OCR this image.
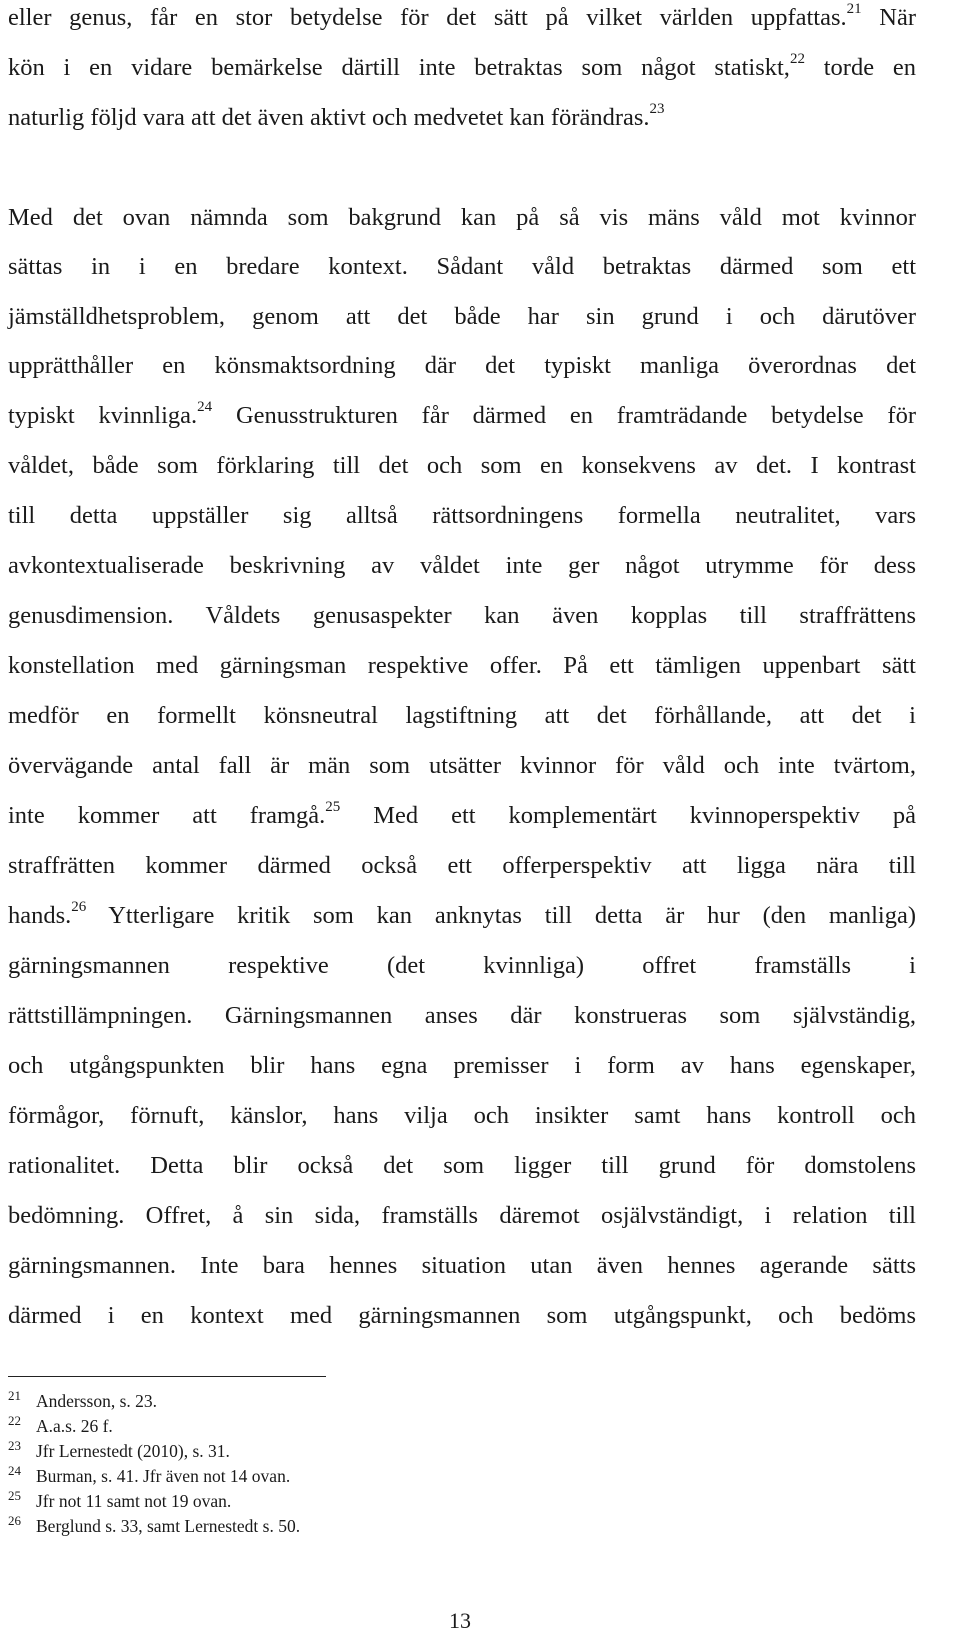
eller genus, får en stor betydelse för det sätt på vilket världen uppfattas.$^{21}$ När
kön i en vidare bemärkelse därtill inte betraktas som något statiskt,$^{22}$ torde en
naturlig följd vara att det även aktivt och medvetet kan förändras.$^{23}$
Med det ovan nämnda som bakgrund kan på så vis mäns våld mot kvinnor
sättas in i en bredare kontext. Sådant våld betraktas därmed som ett
jämställdhetsproblem, genom att det både har sin grund i och därutöver
upprätthåller en könsmaktsordning där det typiskt manliga överordnas det
typiskt kvinnliga.$^{24}$ Genusstrukturen får därmed en framträdande betydelse för
våldet, både som förklaring till det och som en konsekvens av det. I kontrast
till detta uppställer sig alltså rättsordningens formella neutralitet, vars
avkontextualiserade beskrivning av våldet inte ger något utrymme för dess
genusdimension. Våldets genusaspekter kan även kopplas till straffrättens
konstellation med gärningsman respektive offer. På ett tämligen uppenbart sätt
medför en formellt könsneutral lagstiftning att det förhållande, att det i
övervägande antal fall är män som utsätter kvinnor för våld och inte tvärtom,
inte kommer att framgå.$^{25}$ Med ett komplementärt kvinnoperspektiv på
straffrätten kommer därmed också ett offerperspektiv att ligga nära till
hands.$^{26}$ Ytterligare kritik som kan anknytas till detta är hur (den manliga)
gärningsmannen respektive (det kvinnliga) offret framställs i
rättstillämpningen. Gärningsmannen anses där konstrueras som självständig,
och utgångspunkten blir hans egna premisser i form av hans egenskaper,
förmågor, förnuft, känslor, hans vilja och insikter samt hans kontroll och
rationalitet. Detta blir också det som ligger till grund för domstolens
bedömning. Offret, å sin sida, framställs däremot osjälvständigt, i relation till
gärningsmannen. Inte bara hennes situation utan även hennes agerande sätts
därmed i en kontext med gärningsmannen som utgångspunkt, och bedöms
21 Andersson, s. 23.
22 A.a.s. 26 f.
23 Jfr Lernestedt (2010), s. 31.
24 Burman, s. 41. Jfr även not 14 ovan.
25 Jfr not 11 samt not 19 ovan.
26 Berglund s. 33, samt Lernestedt s. 50.
13
